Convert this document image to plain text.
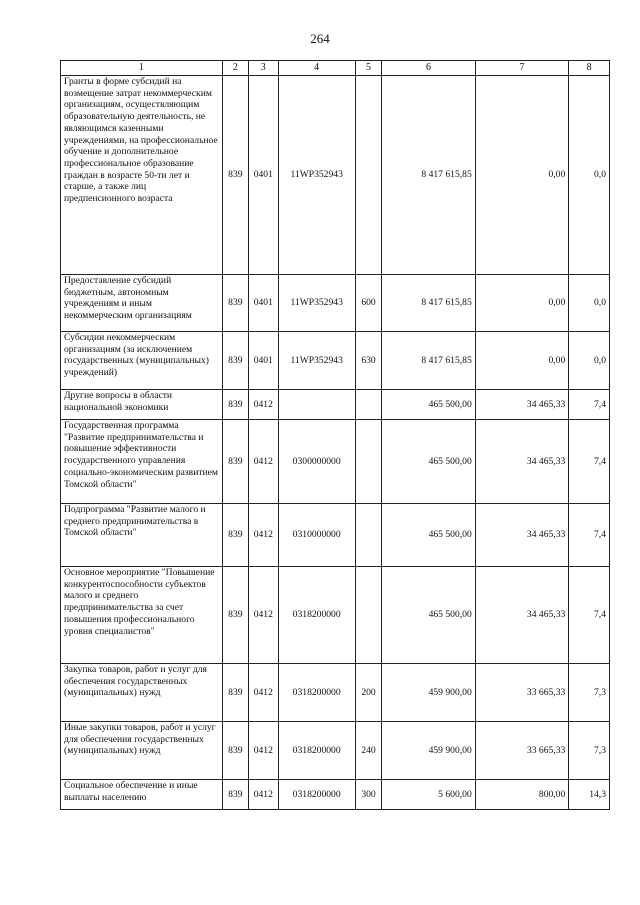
264
1	2	3	4	5	6	7	8
Гранты в форме субсидий на возмещение затрат некоммерческим организациям, осуществляющим образовательную деятельность, не являющимся казенными учреждениями, на профессиональное обучение и дополнительное профессиональное образование граждан в возрасте 50-ти лет и старше, а также лиц предпенсионного возраста	839	0401	11WP352943		8 417 615,85	0,00	0,0
Предоставление субсидий бюджетным, автономным учреждениям и иным некоммерческим организациям	839	0401	11WP352943	600	8 417 615,85	0,00	0,0
Субсидии некоммерческим организациям (за исключением государственных (муниципальных) учреждений)	839	0401	11WP352943	630	8 417 615,85	0,00	0,0
Другие вопросы в области национальной экономики	839	0412			465 500,00	34 465,33	7,4
Государственная программа "Развитие предпринимательства и повышение эффективности государственного управления социально-экономическим развитием Томской области"	839	0412	0300000000		465 500,00	34 465,33	7,4
Подпрограмма "Развитие малого и среднего предпринимательства в Томской области"	839	0412	0310000000		465 500,00	34 465,33	7,4
Основное мероприятие "Повышение конкурентоспособности субъектов малого и среднего предпринимательства за счет повышения профессионального уровня специалистов"	839	0412	0318200000		465 500,00	34 465,33	7,4
Закупка товаров, работ и услуг для обеспечения государственных (муниципальных) нужд	839	0412	0318200000	200	459 900,00	33 665,33	7,3
Иные закупки товаров, работ и услуг для обеспечения государственных (муниципальных) нужд	839	0412	0318200000	240	459 900,00	33 665,33	7,3
Социальное обеспечение и иные выплаты населению	839	0412	0318200000	300	5 600,00	800,00	14,3
